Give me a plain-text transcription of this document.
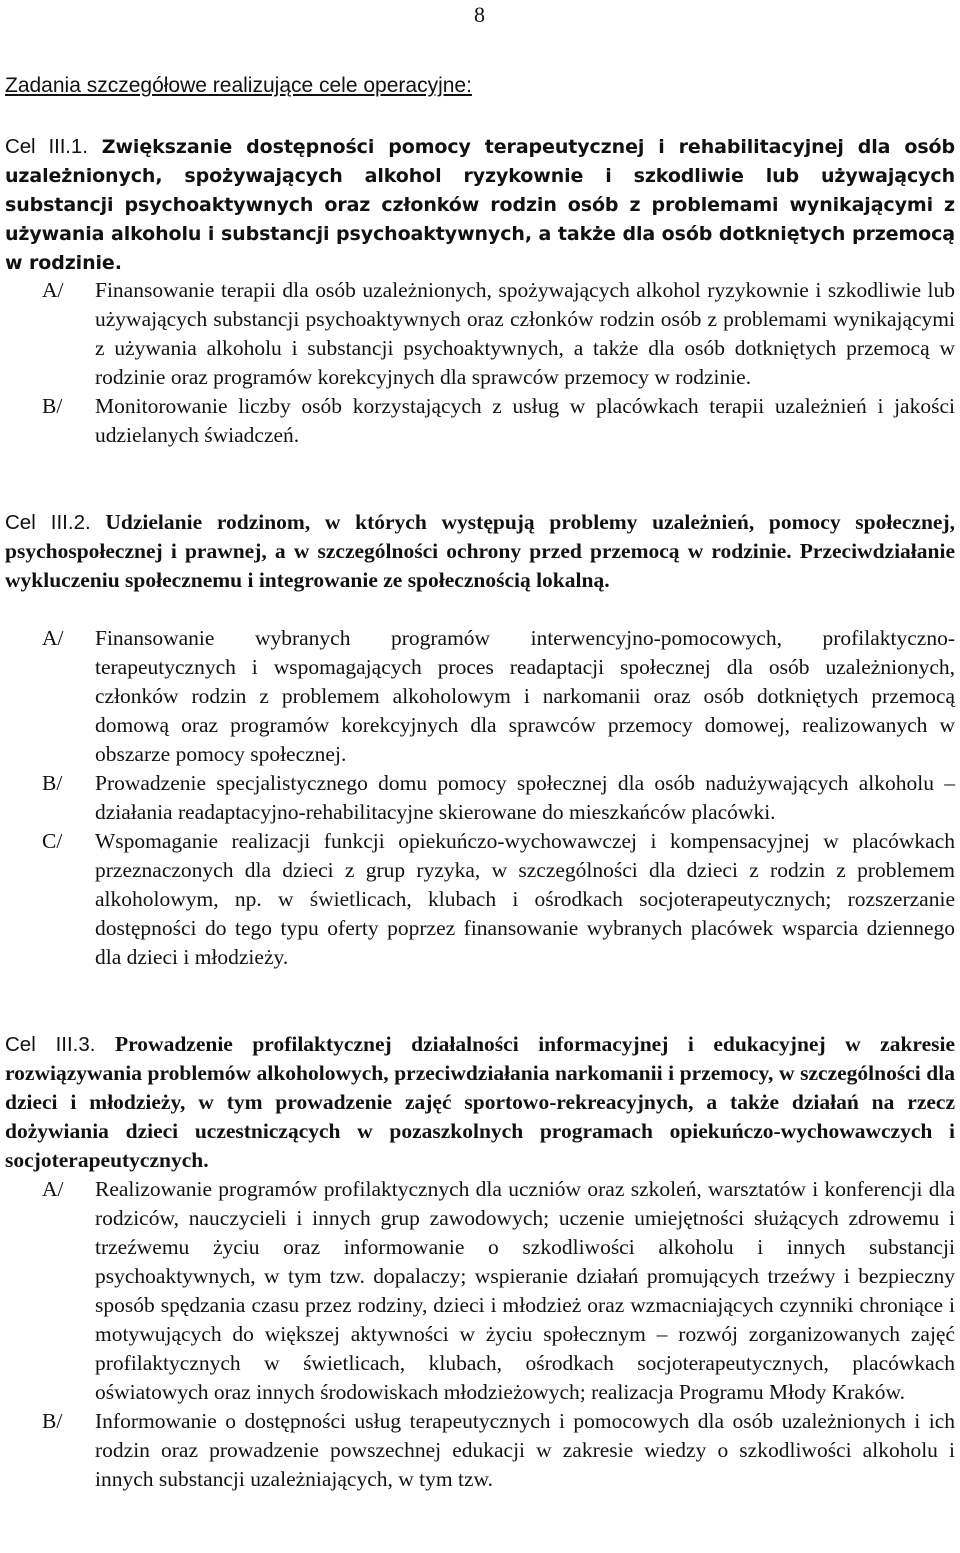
8
Zadania szczegółowe realizujące cele operacyjne:
Cel III.1. Zwiększanie dostępności pomocy terapeutycznej i rehabilitacyjnej dla osób uzależnionych, spożywających alkohol ryzykownie i szkodliwie lub używających substancji psychoaktywnych oraz członków rodzin osób z problemami wynikającymi z używania alkoholu i substancji psychoaktywnych, a także dla osób dotkniętych przemocą w rodzinie.
A/	Finansowanie terapii dla osób uzależnionych, spożywających alkohol ryzykownie i szkodliwie lub używających substancji psychoaktywnych oraz członków rodzin osób z problemami wynikającymi z używania alkoholu i substancji psychoaktywnych, a także dla osób dotkniętych przemocą w rodzinie oraz programów korekcyjnych dla sprawców przemocy w rodzinie.
B/	Monitorowanie liczby osób korzystających z usług w placówkach terapii uzależnień i jakości udzielanych świadczeń.
Cel III.2. Udzielanie rodzinom, w których występują problemy uzależnień, pomocy społecznej, psychospołecznej i prawnej, a w szczególności ochrony przed przemocą w rodzinie. Przeciwdziałanie wykluczeniu społecznemu i integrowanie ze społecznością lokalną.
A/	Finansowanie wybranych programów interwencyjno-pomocowych, profilaktyczno-terapeutycznych i wspomagających proces readaptacji społecznej dla osób uzależnionych, członków rodzin z problemem alkoholowym i narkomanii oraz osób dotkniętych przemocą domową oraz programów korekcyjnych dla sprawców przemocy domowej, realizowanych w obszarze pomocy społecznej.
B/	Prowadzenie specjalistycznego domu pomocy społecznej dla osób nadużywających alkoholu – działania readaptacyjno-rehabilitacyjne skierowane do mieszkańców placówki.
C/	Wspomaganie realizacji funkcji opiekuńczo-wychowawczej i kompensacyjnej w placówkach przeznaczonych dla dzieci z grup ryzyka, w szczególności dla dzieci z rodzin z problemem alkoholowym, np. w świetlicach, klubach i ośrodkach socjoterapeutycznych; rozszerzanie dostępności do tego typu oferty poprzez finansowanie wybranych placówek wsparcia dziennego dla dzieci i młodzieży.
Cel III.3. Prowadzenie profilaktycznej działalności informacyjnej i edukacyjnej w zakresie rozwiązywania problemów alkoholowych, przeciwdziałania narkomanii i przemocy, w szczególności dla dzieci i młodzieży, w tym prowadzenie zajęć sportowo-rekreacyjnych, a także działań na rzecz dożywiania dzieci uczestniczących w pozaszkolnych programach opiekuńczo-wychowawczych i socjoterapeutycznych.
A/	Realizowanie programów profilaktycznych dla uczniów oraz szkoleń, warsztatów i konferencji dla rodziców, nauczycieli i innych grup zawodowych; uczenie umiejętności służących zdrowemu i trzeźwemu życiu oraz informowanie o szkodliwości alkoholu i innych substancji psychoaktywnych, w tym tzw. dopalaczy; wspieranie działań promujących trzeźwy i bezpieczny sposób spędzania czasu przez rodziny, dzieci i młodzież oraz wzmacniających czynniki chroniące i motywujących do większej aktywności w życiu społecznym – rozwój zorganizowanych zajęć profilaktycznych w świetlicach, klubach, ośrodkach socjoterapeutycznych, placówkach oświatowych oraz innych środowiskach młodzieżowych; realizacja Programu Młody Kraków.
B/	Informowanie o dostępności usług terapeutycznych i pomocowych dla osób uzależnionych i ich rodzin oraz prowadzenie powszechnej edukacji w zakresie wiedzy o szkodliwości alkoholu i innych substancji uzależniających, w tym tzw.
